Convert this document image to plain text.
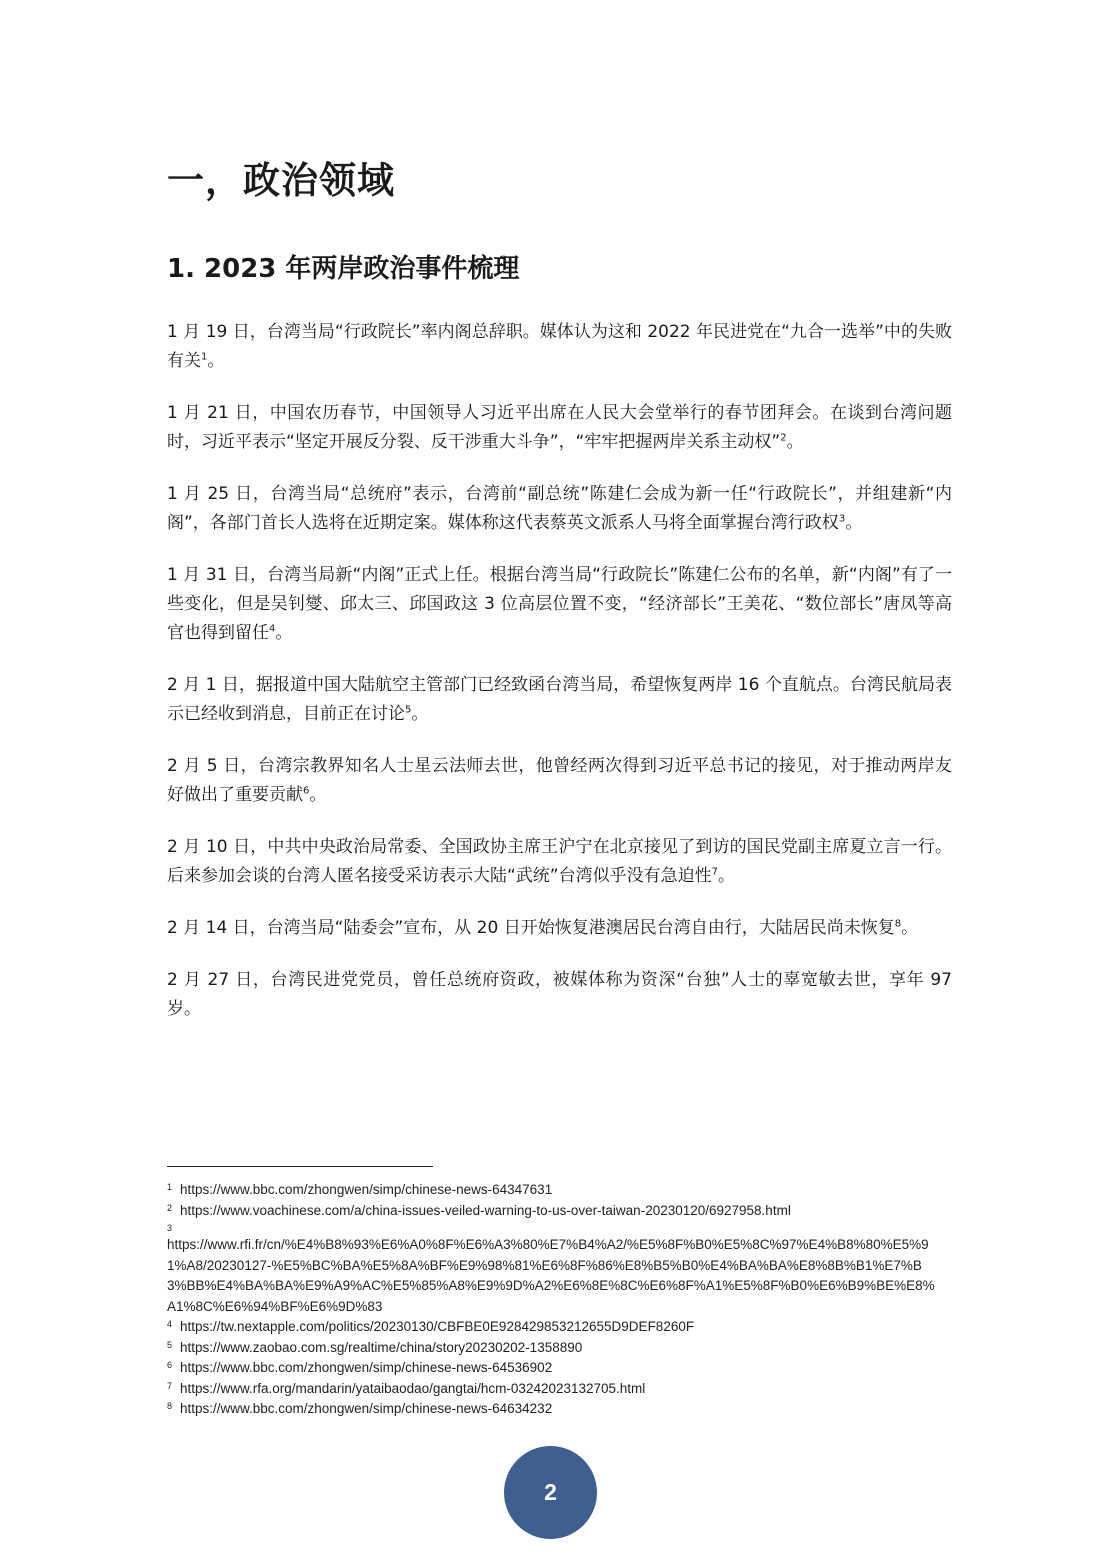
一，政治领域
1. 2023 年两岸政治事件梳理

1 月 19 日，台湾当局“行政院长”率内阁总辞职。媒体认为这和 2022 年民进党在“九合一选举”中的失败有关$^1$。

1 月 21 日，中国农历春节，中国领导人习近平出席在人民大会堂举行的春节团拜会。在谈到台湾问题时，习近平表示“坚定开展反分裂、反干涉重大斗争”，“牢牢把握两岸关系主动权”$^2$。

1 月 25 日，台湾当局“总统府”表示，台湾前“副总统”陈建仁会成为新一任“行政院长”，并组建新“内阁”，各部门首长人选将在近期定案。媒体称这代表蔡英文派系人马将全面掌握台湾行政权$^3$。

1 月 31 日，台湾当局新“内阁”正式上任。根据台湾当局“行政院长”陈建仁公布的名单，新“内阁”有了一些变化，但是吴钊燮、邱太三、邱国政这 3 位高层位置不变，“经济部长”王美花、“数位部长”唐凤等高官也得到留任$^4$。

2 月 1 日，据报道中国大陆航空主管部门已经致函台湾当局，希望恢复两岸 16 个直航点。台湾民航局表示已经收到消息，目前正在讨论$^5$。

2 月 5 日，台湾宗教界知名人士星云法师去世，他曾经两次得到习近平总书记的接见，对于推动两岸友好做出了重要贡献$^6$。

2 月 10 日，中共中央政治局常委、全国政协主席王沪宁在北京接见了到访的国民党副主席夏立言一行。后来参加会谈的台湾人匿名接受采访表示大陆“武统”台湾似乎没有急迫性$^7$。

2 月 14 日，台湾当局“陆委会”宣布，从 20 日开始恢复港澳居民台湾自由行，大陆居民尚未恢复$^8$。

2 月 27 日，台湾民进党党员，曾任总统府资政，被媒体称为资深“台独”人士的辜宽敏去世，享年 97 岁。

1 https://www.bbc.com/zhongwen/simp/chinese-news-64347631
2 https://www.voachinese.com/a/china-issues-veiled-warning-to-us-over-taiwan-20230120/6927958.html
3
https://www.rfi.fr/cn/%E4%B8%93%E6%A0%8F%E6%A3%80%E7%B4%A2/%E5%8F%B0%E5%8C%97%E4%B8%80%E5%91%A8/20230127-%E5%BC%BA%E5%8A%BF%E9%98%81%E6%8F%86%E8%B5%B0%E4%BA%BA%E8%8B%B1%E7%B3%BB%E4%BA%BA%E9%A9%AC%E5%85%A8%E9%9D%A2%E6%8E%8C%E6%8F%A1%E5%8F%B0%E6%B9%BE%E8%A1%8C%E6%94%BF%E6%9D%83
4 https://tw.nextapple.com/politics/20230130/CBFBE0E928429853212655D9DEF8260F
5 https://www.zaobao.com.sg/realtime/china/story20230202-1358890
6 https://www.bbc.com/zhongwen/simp/chinese-news-64536902
7 https://www.rfa.org/mandarin/yataibaodao/gangtai/hcm-03242023132705.html
8 https://www.bbc.com/zhongwen/simp/chinese-news-64634232
2
